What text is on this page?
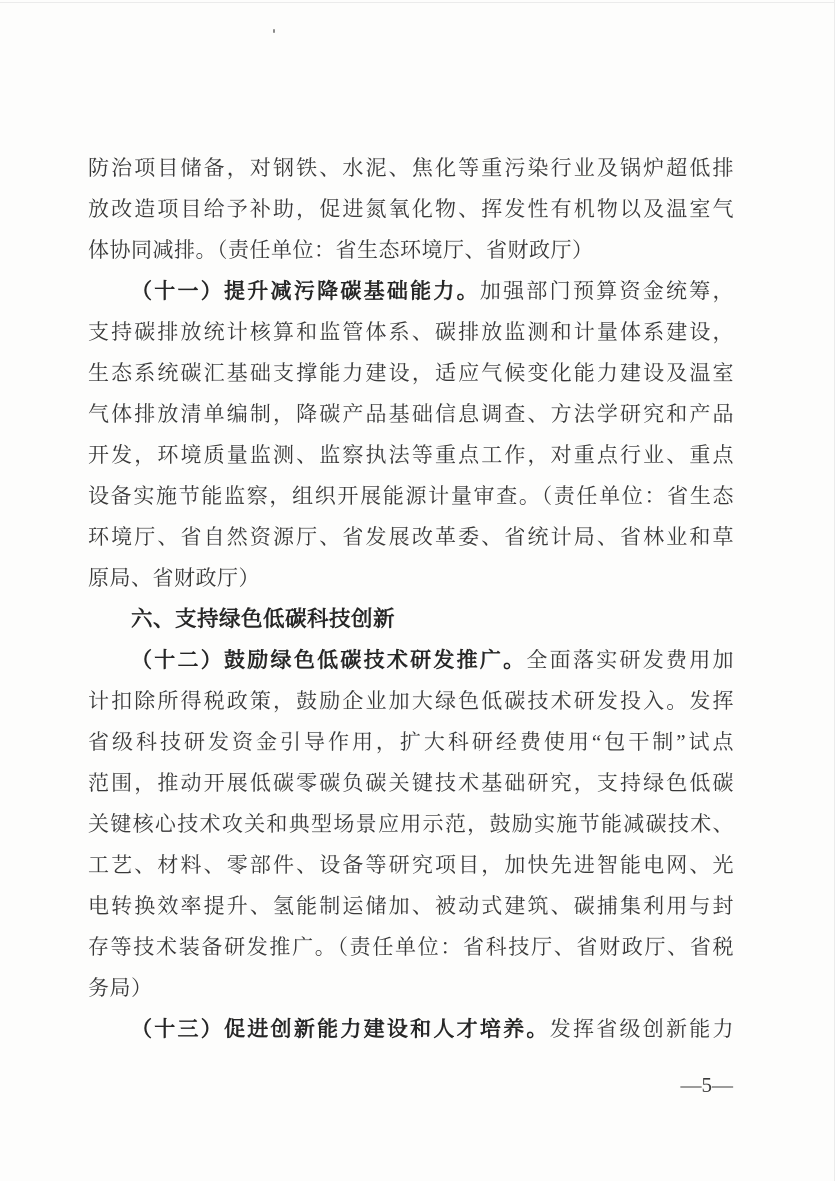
防治项目储备，对钢铁、水泥、焦化等重污染行业及锅炉超低排
放改造项目给予补助，促进氮氧化物、挥发性有机物以及温室气
体协同减排。（责任单位：省生态环境厅、省财政厅）
（十一）提升减污降碳基础能力。加强部门预算资金统筹，
支持碳排放统计核算和监管体系、碳排放监测和计量体系建设，
生态系统碳汇基础支撑能力建设，适应气候变化能力建设及温室
气体排放清单编制，降碳产品基础信息调查、方法学研究和产品
开发，环境质量监测、监察执法等重点工作，对重点行业、重点
设备实施节能监察，组织开展能源计量审查。（责任单位：省生态
环境厅、省自然资源厅、省发展改革委、省统计局、省林业和草
原局、省财政厅）
六、支持绿色低碳科技创新
（十二）鼓励绿色低碳技术研发推广。全面落实研发费用加
计扣除所得税政策，鼓励企业加大绿色低碳技术研发投入。发挥
省级科技研发资金引导作用，扩大科研经费使用“包干制”试点
范围，推动开展低碳零碳负碳关键技术基础研究，支持绿色低碳
关键核心技术攻关和典型场景应用示范，鼓励实施节能减碳技术、
工艺、材料、零部件、设备等研究项目，加快先进智能电网、光
电转换效率提升、氢能制运储加、被动式建筑、碳捕集利用与封
存等技术装备研发推广。（责任单位：省科技厅、省财政厅、省税
务局）
（十三）促进创新能力建设和人才培养。发挥省级创新能力
—5—
